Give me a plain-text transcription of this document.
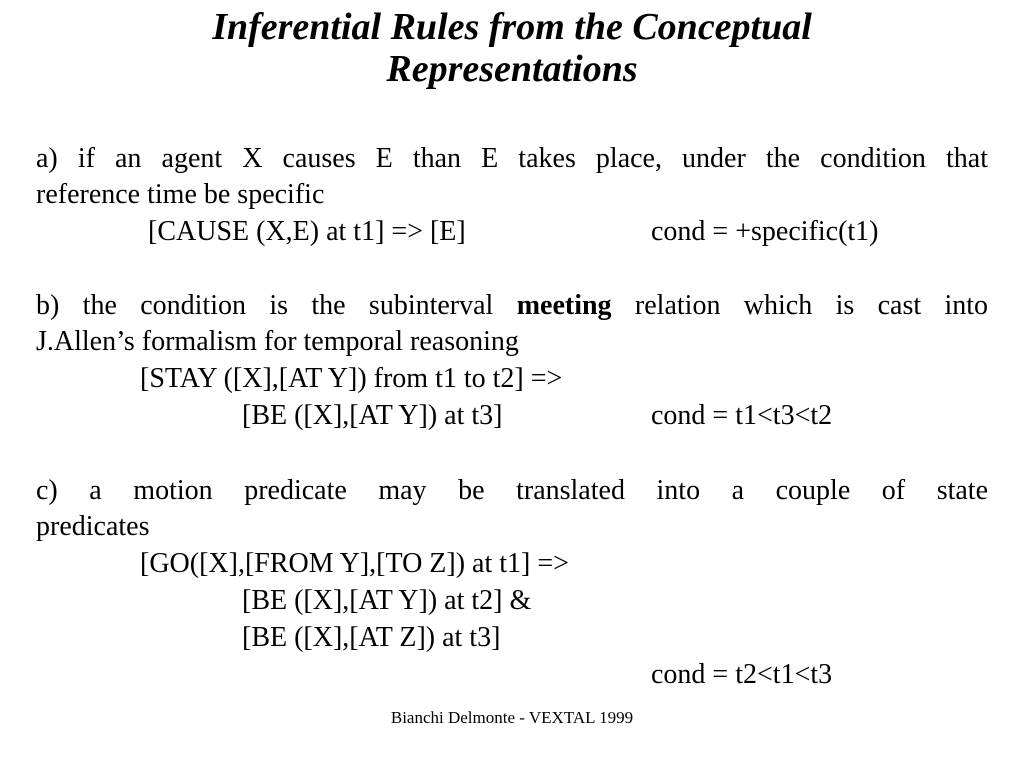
Inferential Rules from the Conceptual
Representations
a) if an agent X causes E than E takes place, under the condition that
reference time be specific
[CAUSE (X,E) at t1] => [E]	cond = +specific(t1)
b) the condition is the subinterval meeting relation which is cast into
J.Allen’s formalism for temporal reasoning
[STAY ([X],[AT Y]) from t1 to t2] =>
[BE ([X],[AT Y]) at t3]	cond = t1<t3<t2
c) a motion predicate may be translated into a couple of state
predicates
[GO([X],[FROM Y],[TO Z]) at t1] =>
[BE ([X],[AT Y]) at t2] &
[BE ([X],[AT Z]) at t3]
cond = t2<t1<t3
Bianchi Delmonte - VEXTAL 1999
